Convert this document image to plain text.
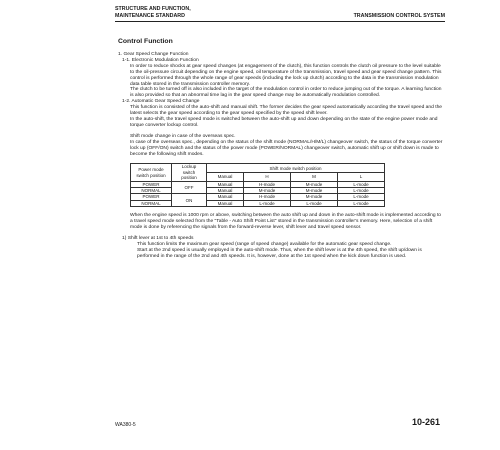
STRUCTURE AND FUNCTION,
MAINTENANCE STANDARD	TRANSMISSION CONTROL SYSTEM
Control Function
1. Gear Speed Change Function
1-1. Electronic Modulation Function
In order to reduce shocks at gear speed changes (at engagement of the clutch), this function controls the clutch oil pressure to the level suitable to the oil-pressure circuit depending on the engine speed, oil temperature of the transmission, travel speed and gear speed change pattern. This control is performed through the whole range of gear speeds (including the lock up clutch) according to the data in the transmission modulation data table stored in the transmission controller memory.
The clutch to be turned off is also included in the target of the modulation control in order to reduce jumping out of the torque. A learning function is also provided so that an abnormal time lag in the gear speed change may be automatically modulation controlled.
1-2. Automatic Gear Speed Change
This function is consisted of the auto-shift and manual shift. The former decides the gear speed automatically according the travel speed and the latest selects the gear speed according to the gear speed specified by the speed shift lever.
In the auto-shift, the travel speed mode is switched between the auto-shift up and down depending on the state of the engine power mode and torque converter lockup control.
Shift mode change in case of the overseas spec.
In case of the overseas spec., depending on the status of the shift mode (NORMAL/H/M/L) changeover switch, the status of the torque converter lock up (OFF/ON) switch and the status of the power mode (POWER/NORMAL) changeover switch, automatic shift up or shift down is made to become the following shift modes.
Power mode switch position	Lockup switch position	Shift mode switch position			
		Manual	H	M	L
POWER	OFF	Manual	H-mode	M-mode	L-mode
NORMAL		Manual	M-mode	M-mode	L-mode
POWER	ON	Manual	H-mode	M-mode	L-mode
NORMAL		Manual	L-mode	L-mode	L-mode
When the engine speed is 1000 rpm or above, switching between the auto shift up and down in the auto-shift mode is implemented according to a travel speed mode selected from the "Table - Auto Shift Point List" stored in the transmission controller's memory. Here, selection of a shift mode is done by referencing the signals from the forward-reverse lever, shift lever and travel speed sensor.
1) Shift lever at 1st to 4th speeds
This function limits the maximum gear speed (range of speed change) available for the automatic gear speed change.
Start at the 2nd speed is usually employed in the auto-shift mode. Thus, when the shift lever is at the 4th speed, the shift up/down is performed in the range of the 2nd and 4th speeds. It is, however, done at the 1st speed when the kick down function is used.
WA380-5	10-261
